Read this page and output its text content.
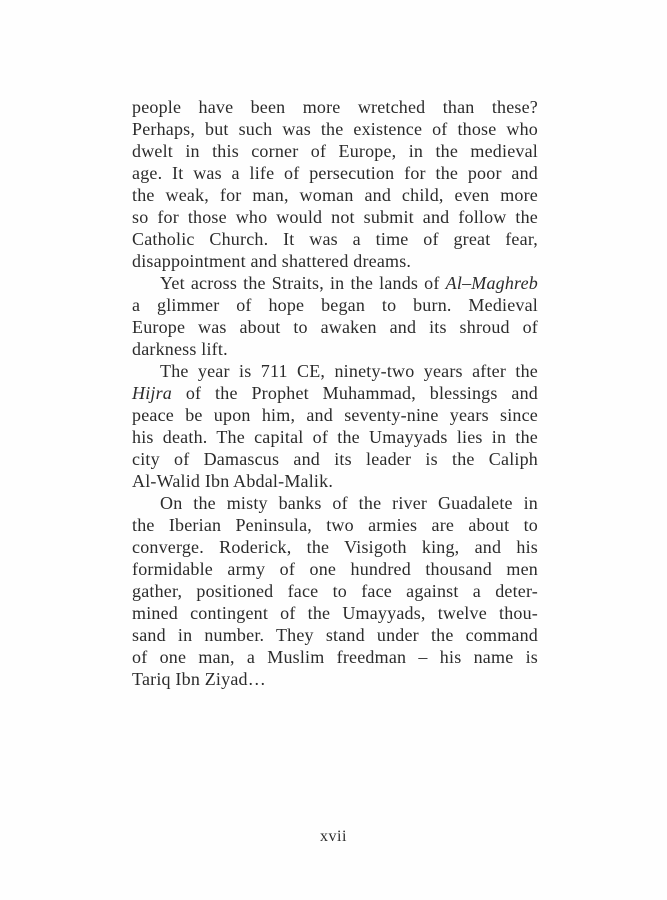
people have been more wretched than these?
Perhaps, but such was the existence of those who
dwelt in this corner of Europe, in the medieval
age. It was a life of persecution for the poor and
the weak, for man, woman and child, even more
so for those who would not submit and follow the
Catholic Church. It was a time of great fear,
disappointment and shattered dreams.
Yet across the Straits, in the lands of Al–Maghreb
a glimmer of hope began to burn. Medieval
Europe was about to awaken and its shroud of
darkness lift.
The year is 711 CE, ninety-two years after the
Hijra of the Prophet Muhammad, blessings and
peace be upon him, and seventy-nine years since
his death. The capital of the Umayyads lies in the
city of Damascus and its leader is the Caliph
Al-Walid Ibn Abdal-Malik.
On the misty banks of the river Guadalete in
the Iberian Peninsula, two armies are about to
converge. Roderick, the Visigoth king, and his
formidable army of one hundred thousand men
gather, positioned face to face against a deter-
mined contingent of the Umayyads, twelve thou-
sand in number. They stand under the command
of one man, a Muslim freedman – his name is
Tariq Ibn Ziyad…
xvii
